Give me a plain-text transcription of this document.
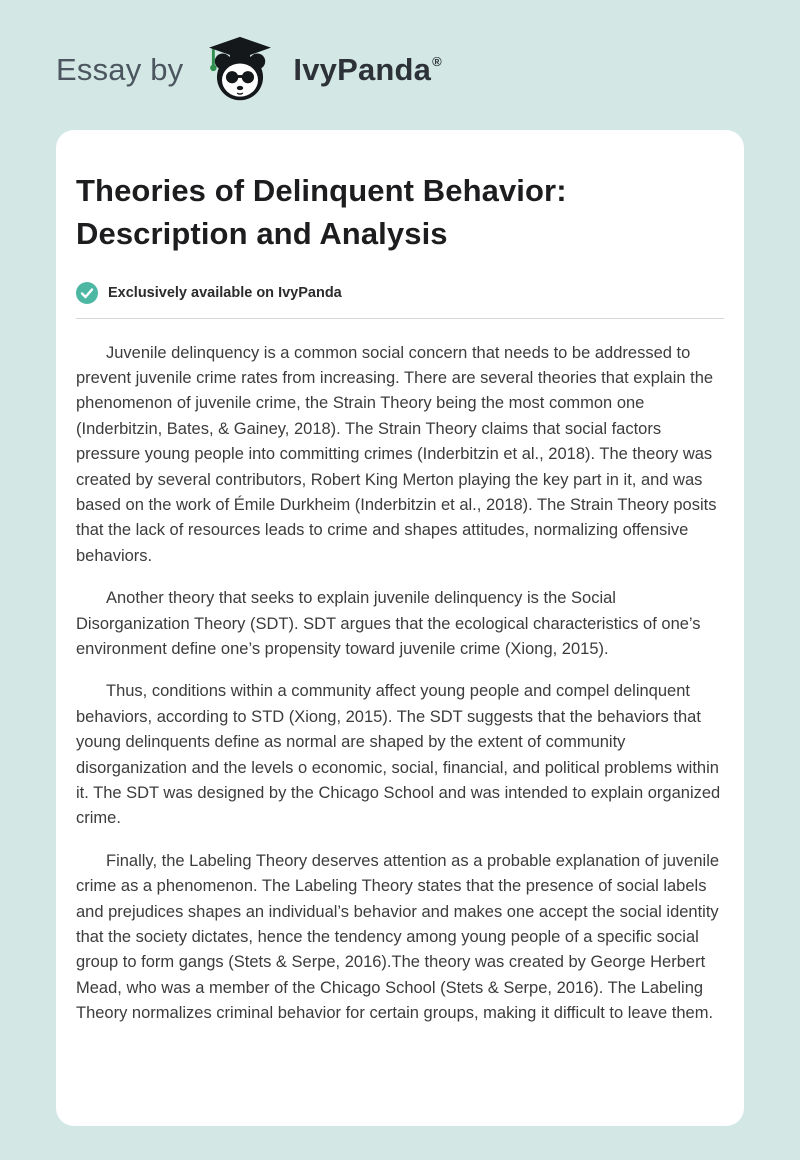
Essay by	IvyPanda®
Theories of Delinquent Behavior: Description and Analysis
Exclusively available on IvyPanda

Juvenile delinquency is a common social concern that needs to be addressed to prevent juvenile crime rates from increasing. There are several theories that explain the phenomenon of juvenile crime, the Strain Theory being the most common one (Inderbitzin, Bates, & Gainey, 2018). The Strain Theory claims that social factors pressure young people into committing crimes (Inderbitzin et al., 2018). The theory was created by several contributors, Robert King Merton playing the key part in it, and was based on the work of Émile Durkheim (Inderbitzin et al., 2018). The Strain Theory posits that the lack of resources leads to crime and shapes attitudes, normalizing offensive behaviors.

Another theory that seeks to explain juvenile delinquency is the Social Disorganization Theory (SDT). SDT argues that the ecological characteristics of one’s environment define one’s propensity toward juvenile crime (Xiong, 2015).

Thus, conditions within a community affect young people and compel delinquent behaviors, according to STD (Xiong, 2015). The SDT suggests that the behaviors that young delinquents define as normal are shaped by the extent of community disorganization and the levels o economic, social, financial, and political problems within it. The SDT was designed by the Chicago School and was intended to explain organized crime.

Finally, the Labeling Theory deserves attention as a probable explanation of juvenile crime as a phenomenon. The Labeling Theory states that the presence of social labels and prejudices shapes an individual’s behavior and makes one accept the social identity that the society dictates, hence the tendency among young people of a specific social group to form gangs (Stets & Serpe, 2016).The theory was created by George Herbert Mead, who was a member of the Chicago School (Stets & Serpe, 2016). The Labeling Theory normalizes criminal behavior for certain groups, making it difficult to leave them.
